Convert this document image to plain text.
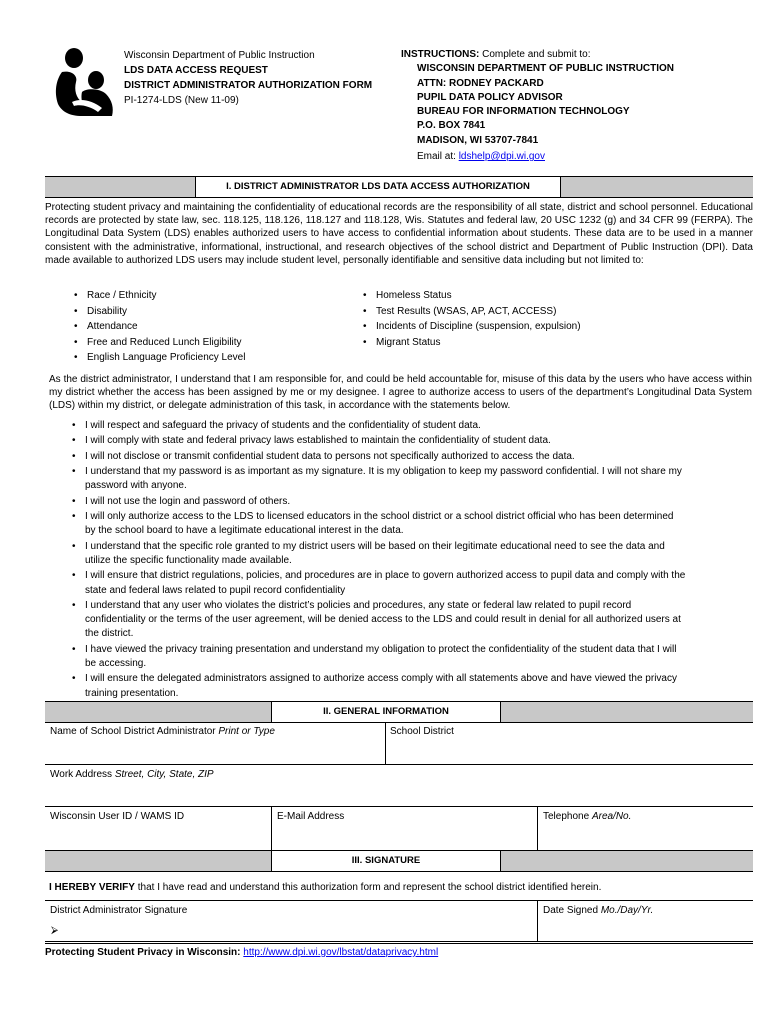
Wisconsin Department of Public Instruction
LDS DATA ACCESS REQUEST
DISTRICT ADMINISTRATOR AUTHORIZATION FORM
PI-1274-LDS (New 11-09)
INSTRUCTIONS: Complete and submit to:
WISCONSIN DEPARTMENT OF PUBLIC INSTRUCTION
ATTN: RODNEY PACKARD
PUPIL DATA POLICY ADVISOR
BUREAU FOR INFORMATION TECHNOLOGY
P.O. BOX 7841
MADISON, WI 53707-7841
Email at: ldshelp@dpi.wi.gov
I. DISTRICT ADMINISTRATOR LDS DATA ACCESS AUTHORIZATION
Protecting student privacy and maintaining the confidentiality of educational records are the responsibility of all state, district and school personnel. Educational records are protected by state law, sec. 118.125, 118.126, 118.127 and 118.128, Wis. Statutes and federal law, 20 USC 1232 (g) and 34 CFR 99 (FERPA). The Longitudinal Data System (LDS) enables authorized users to have access to confidential information about students. These data are to be used in a manner consistent with the administrative, informational, instructional, and research objectives of the school district and Department of Public Instruction (DPI). Data made available to authorized LDS users may include student level, personally identifiable and sensitive data including but not limited to:
• Race / Ethnicity
• Disability
• Attendance
• Free and Reduced Lunch Eligibility
• English Language Proficiency Level
• Homeless Status
• Test Results (WSAS, AP, ACT, ACCESS)
• Incidents of Discipline (suspension, expulsion)
• Migrant Status
As the district administrator, I understand that I am responsible for, and could be held accountable for, misuse of this data by the users who have access within my district whether the access has been assigned by me or my designee. I agree to authorize access to users of the department’s Longitudinal Data System (LDS) within my district, or delegate administration of this task, in accordance with the statements below.
• I will respect and safeguard the privacy of students and the confidentiality of student data.
• I will comply with state and federal privacy laws established to maintain the confidentiality of student data.
• I will not disclose or transmit confidential student data to persons not specifically authorized to access the data.
• I understand that my password is as important as my signature. It is my obligation to keep my password confidential. I will not share my password with anyone.
• I will not use the login and password of others.
• I will only authorize access to the LDS to licensed educators in the school district or a school district official who has been determined by the school board to have a legitimate educational interest in the data.
• I understand that the specific role granted to my district users will be based on their legitimate educational need to see the data and utilize the specific functionality made available.
• I will ensure that district regulations, policies, and procedures are in place to govern authorized access to pupil data and comply with the state and federal laws related to pupil record confidentiality
• I understand that any user who violates the district’s policies and procedures, any state or federal law related to pupil record confidentiality or the terms of the user agreement, will be denied access to the LDS and could result in denial for all authorized users at the district.
• I have viewed the privacy training presentation and understand my obligation to protect the confidentiality of the student data that I will be accessing.
• I will ensure the delegated administrators assigned to authorize access comply with all statements above and have viewed the privacy training presentation.
II. GENERAL INFORMATION
Name of School District Administrator Print or Type	School District
Work Address Street, City, State, ZIP
Wisconsin User ID / WAMS ID	E-Mail Address	Telephone Area/No.
III. SIGNATURE
I HEREBY VERIFY that I have read and understand this authorization form and represent the school district identified herein.
District Administrator Signature
⮚
Date Signed Mo./Day/Yr.
Protecting Student Privacy in Wisconsin: http://www.dpi.wi.gov/lbstat/dataprivacy.html
